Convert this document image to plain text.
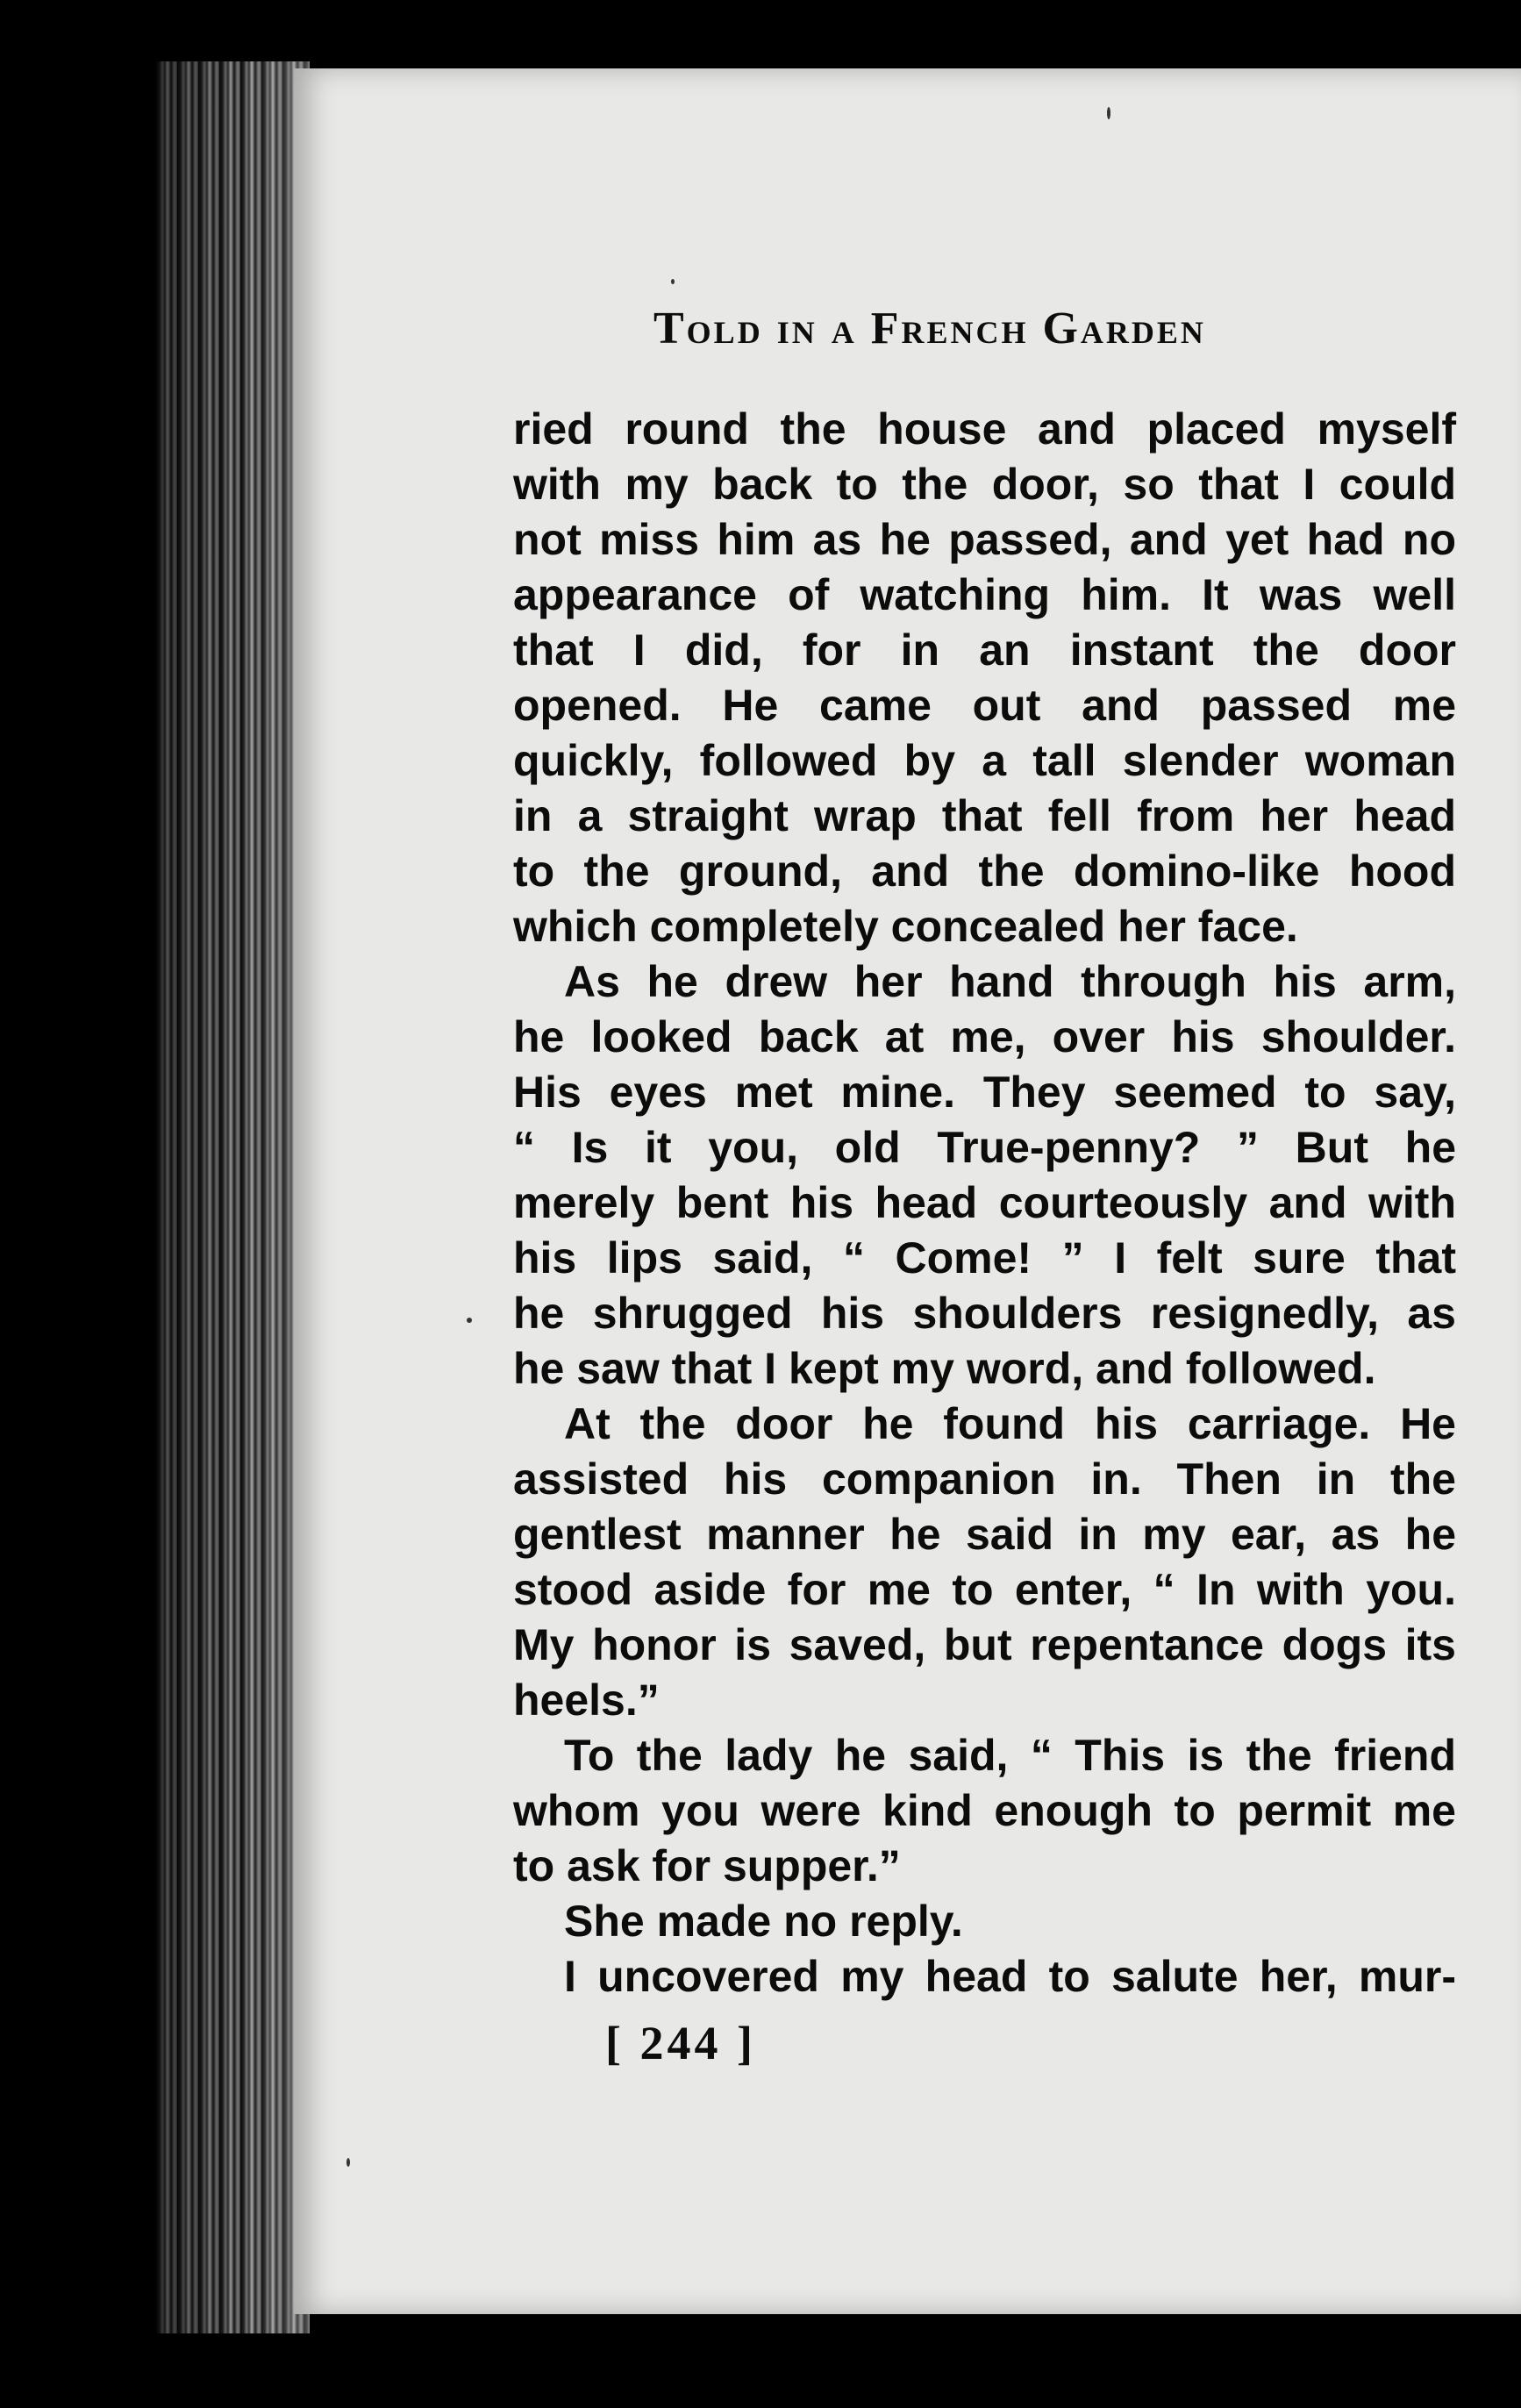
Told in a French Garden
ried round the house and placed myself
with my back to the door, so that I could
not miss him as he passed, and yet had no
appearance of watching him. It was well
that I did, for in an instant the door
opened. He came out and passed me
quickly, followed by a tall slender woman
in a straight wrap that fell from her head
to the ground, and the domino-like hood
which completely concealed her face.
As he drew her hand through his arm,
he looked back at me, over his shoulder.
His eyes met mine. They seemed to say,
“ Is it you, old True-penny? ” But he
merely bent his head courteously and with
his lips said, “ Come! ” I felt sure that
he shrugged his shoulders resignedly, as
he saw that I kept my word, and followed.
At the door he found his carriage. He
assisted his companion in. Then in the
gentlest manner he said in my ear, as he
stood aside for me to enter, “ In with you.
My honor is saved, but repentance dogs its
heels.”
To the lady he said, “ This is the friend
whom you were kind enough to permit me
to ask for supper.”
She made no reply.
I uncovered my head to salute her, mur-
[ 244 ]
